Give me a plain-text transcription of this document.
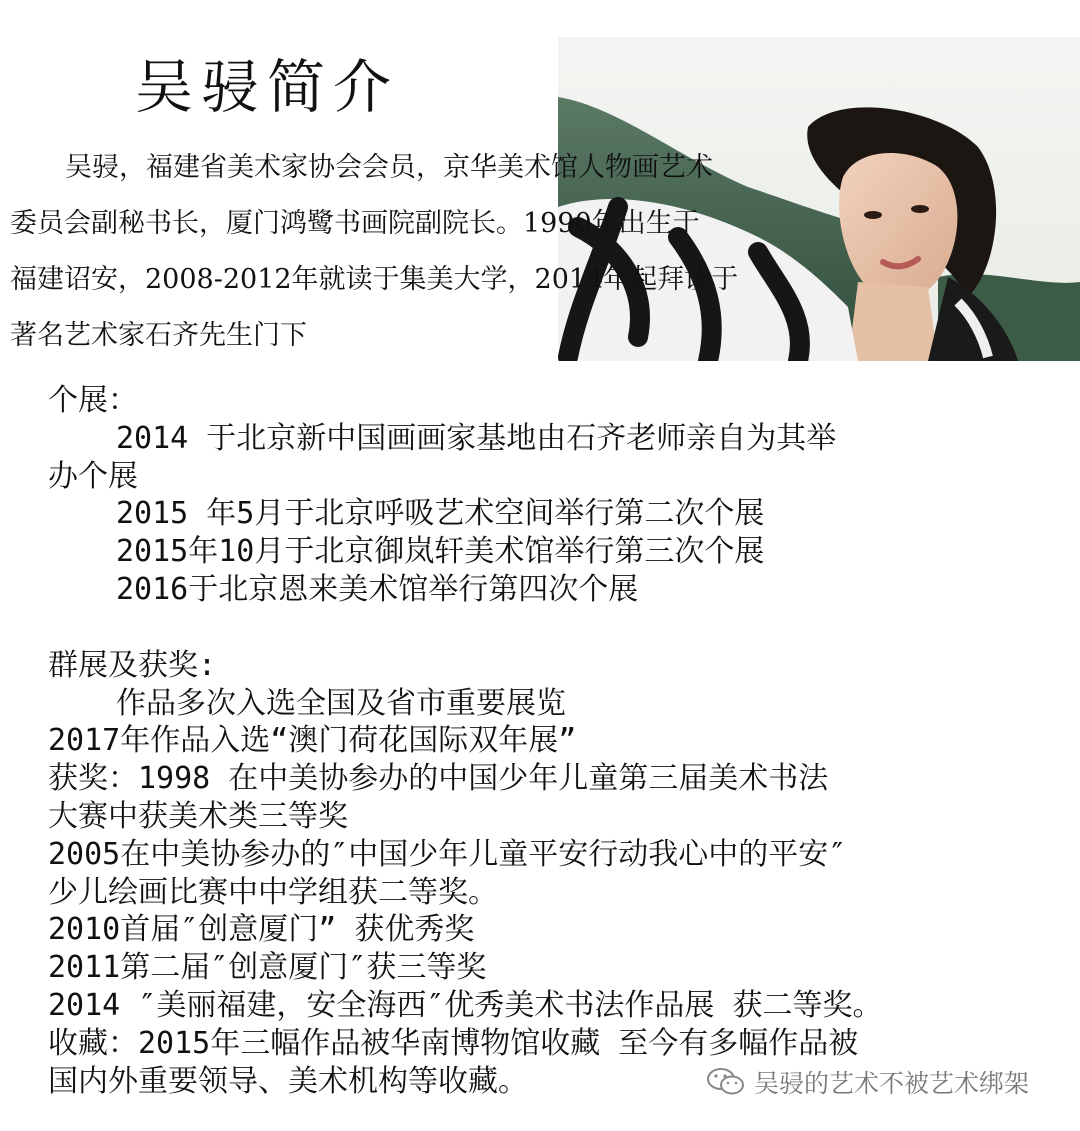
吴骎简介

吴骎，福建省美术家协会会员，京华美术馆人物画艺术

委员会副秘书长，厦门鸿鹭书画院副院长。1990年出生于

福建诏安，2008-2012年就读于集美大学，2014年起拜读于

著名艺术家石齐先生门下

个展：

2014 于北京新中国画画家基地由石齐老师亲自为其举

办个展

2015 年5月于北京呼吸艺术空间举行第二次个展

2015年10月于北京御岚轩美术馆举行第三次个展

2016于北京恩来美术馆举行第四次个展

群展及获奖:

作品多次入选全国及省市重要展览

2017年作品入选“澳门荷花国际双年展”

获奖：1998 在中美协参办的中国少年儿童第三届美术书法

大赛中获美术类三等奖

2005在中美协参办的″中国少年儿童平安行动我心中的平安″

少儿绘画比赛中中学组获二等奖。

2010首届″创意厦门” 获优秀奖

2011第二届″创意厦门″获三等奖

2014 ″美丽福建，安全海西″优秀美术书法作品展 获二等奖。

收藏：2015年三幅作品被华南博物馆收藏 至今有多幅作品被

国内外重要领导、美术机构等收藏。	吴骎的艺术不被艺术绑架
